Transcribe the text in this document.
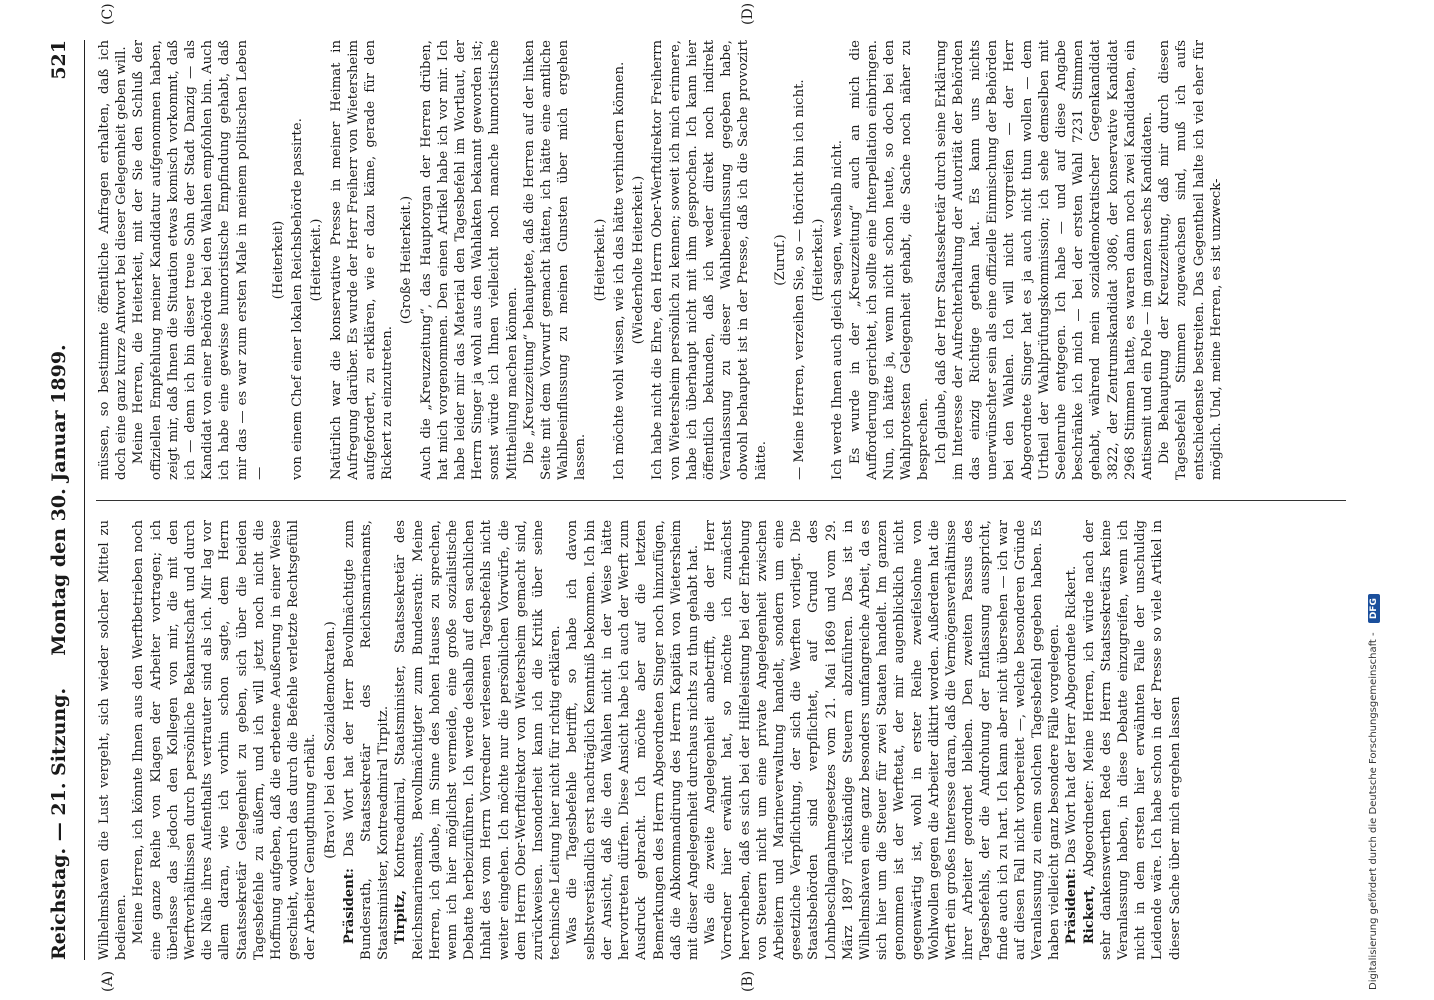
Reichstag. — 21. Sitzung.
Montag den 30. Januar 1899.
521
(A)	(B)
(C)	(D)

Wilhelmshaven die Lust vergeht, sich wieder solcher Mittel zu bedienen. Meine Herren, ich könnte Ihnen aus den Werftbetrieben noch eine ganze Reihe von Klagen der Arbeiter vortragen; ich überlasse das jedoch den Kollegen von mir, die mit den Werftverhältnissen durch persönliche Bekanntschaft und durch die Nähe ihres Aufenthalts vertrauter sind als ich. Mir lag vor allem daran, wie ich vorhin schon sagte, dem Herrn Staatssekretär Gelegenheit zu geben, sich über die beiden Tagesbefehle zu äußern, und ich will jetzt noch nicht die Hoffnung aufgeben, daß die erbetene Aeußerung in einer Weise geschieht, wodurch das durch die Befehle verletzte Rechtsgefühl der Arbeiter Genugthuung erhält. (Bravo! bei den Sozialdemokraten.)

Präsident: Das Wort hat der Herr Bevollmächtigte zum Bundesrath, Staatssekretär des Reichsmarineamts, Staatsminister, Kontreadmiral Tirpitz. Tirpitz, Kontreadmiral, Staatsminister, Staatssekretär des Reichsmarineamts, Bevollmächtigter zum Bundesrath: Meine Herren, ich glaube, im Sinne des hohen Hauses zu sprechen, wenn ich hier möglichst vermeide, eine große sozialistische Debatte herbeizuführen. Ich werde deshalb auf den sachlichen Inhalt des vom Herrn Vorredner verlesenen Tagesbefehls nicht weiter eingehen. Ich möchte nur die persönlichen Vorwürfe, die dem Herrn Ober-Werftdirektor von Wietersheim gemacht sind, zurückweisen. Insonderheit kann ich die Kritik über seine technische Leitung hier nicht für richtig erklären. Was die Tagesbefehle betrifft, so habe ich davon selbstverständlich erst nachträglich Kenntniß bekommen. Ich bin der Ansicht, daß die den Wahlen nicht in der Weise hätte hervortreten dürfen. Diese Ansicht habe ich auch der Werft zum Ausdruck gebracht. Ich möchte aber auf die letzten Bemerkungen des Herrn Abgeordneten Singer noch hinzufügen, daß die Abkommandirung des Herrn Kapitän von Wietersheim mit dieser Angelegenheit durchaus nichts zu thun gehabt hat. Was die zweite Angelegenheit anbetrifft, die der Herr Vorredner hier erwähnt hat, so möchte ich zunächst hervorheben, daß es sich bei der Hilfeleistung bei der Erhebung von Steuern nicht um eine private Angelegenheit zwischen Arbeitern und Marineverwaltung handelt, sondern um eine gesetzliche Verpflichtung, der sich die Werften vorliegt. Die Staatsbehörden sind verpflichtet, auf Grund des Lohnbeschlagnahmegesetzes vom 21. Mai 1869 und vom 29. März 1897 rückständige Steuern abzuführen. Das ist in Wilhelmshaven eine ganz besonders umfangreiche Arbeit, da es sich hier um die Steuer für zwei Staaten handelt. Im ganzen genommen ist der Werftetat, der mir augenblicklich nicht gegenwärtig ist, wohl in erster Reihe zweifelsohne von Wohlwollen gegen die Arbeiter diktirt worden. Außerdem hat die Werft ein großes Interesse daran, daß die Vermögensverhältnisse ihrer Arbeiter geordnet bleiben. Den zweiten Passus des Tagesbefehls, der die Androhung der Entlassung ausspricht, finde auch ich zu hart. Ich kann aber nicht übersehen — ich war auf diesen Fall nicht vorbereitet —, welche besonderen Gründe Veranlassung zu einem solchen Tagesbefehl gegeben haben. Es haben vielleicht ganz besondere Fälle vorgelegen. Präsident: Das Wort hat der Herr Abgeordnete Rickert.

Rickert, Abgeordneter: Meine Herren, ich würde nach der sehr dankenswerthen Rede des Herrn Staatssekretärs keine Veranlassung haben, in diese Debatte einzugreifen, wenn ich nicht in dem ersten hier erwähnten Falle der unschuldig Leidende wäre. Ich habe schon in der Presse so viele Artikel in dieser Sache über mich ergehen lassen

müssen, so bestimmte öffentliche Anfragen erhalten, daß ich doch eine ganz kurze Antwort bei dieser Gelegenheit geben will. Meine Herren, die Heiterkeit, mit der Sie den Schluß der offiziellen Empfehlung meiner Kandidatur aufgenommen haben, zeigt mir, daß Ihnen die Situation etwas komisch vorkommt, daß ich — denn ich bin dieser treue Sohn der Stadt Danzig — als Kandidat von einer Behörde bei den Wahlen empfohlen bin. Auch ich habe eine gewisse humoristische Empfindung gehabt, daß mir das — es war zum ersten Male in meinem politischen Leben —

(Heiterkeit) von einem Chef einer lokalen Reichsbehörde passirte. (Heiterkeit.) Natürlich war die konservative Presse in meiner Heimat in Aufregung darüber. Es wurde der Herr Freiherr von Wietersheim aufgefordert, zu erklären, wie er dazu käme, gerade für den Rickert zu einzutreten.

(Große Heiterkeit.) Auch die „Kreuzzeitung“, das Hauptorgan der Herren drüben, hat mich vorgenommen. Den einen Artikel habe ich vor mir. Ich habe leider mir das Material den Tagesbefehl im Wortlaut, der Herrn Singer ja wohl aus den Wahlakten bekannt geworden ist; sonst würde ich Ihnen vielleicht noch manche humoristische Mittheilung machen können. Die „Kreuzzeitung“ behauptete, daß die Herren auf der linken Seite mit dem Vorwurf gemacht hätten, ich hätte eine amtliche Wahlbeeinflussung zu meinen Gunsten über mich ergehen lassen.

(Heiterkeit.) Ich möchte wohl wissen, wie ich das hätte verhindern können. (Wiederholte Heiterkeit.) Ich habe nicht die Ehre, den Herrn Ober-Werftdirektor Freiherrn von Wietersheim persönlich zu kennen; soweit ich mich erinnere, habe ich überhaupt nicht mit ihm gesprochen. Ich kann hier öffentlich bekunden, daß ich weder direkt noch indirekt Veranlassung zu dieser Wahlbeeinflussung gegeben habe, obwohl behauptet ist in der Presse, daß ich die Sache provozirt hätte.

(Zuruf.) — Meine Herren, verzeihen Sie, so — thöricht bin ich nicht. (Heiterkeit.) Ich werde Ihnen auch gleich sagen, weshalb nicht. Es wurde in der „Kreuzzeitung“ auch an mich die Aufforderung gerichtet, ich sollte eine Interpellation einbringen. Nun, ich hätte ja, wenn nicht schon heute, so doch bei den Wahlprotesten Gelegenheit gehabt, die Sache noch näher zu besprechen. Ich glaube, daß der Herr Staatssekretär durch seine Erklärung im Interesse der Aufrechterhaltung der Autorität der Behörden das einzig Richtige gethan hat. Es kann uns nichts unerwünschter sein als eine offizielle Einmischung der Behörden bei den Wahlen. Ich will nicht vorgreifen — der Herr Abgeordnete Singer hat es ja auch nicht thun wollen — dem Urtheil der Wahlprüfungskommission; ich sehe demselben mit Seelenruhe entgegen. Ich habe — und auf diese Angabe beschränke ich mich — bei der ersten Wahl 7231 Stimmen gehabt, während mein sozialdemokratischer Gegenkandidat 3822, der Zentrumskandidat 3086, der konservative Kandidat 2968 Stimmen hatte, es waren dann noch zwei Kandidaten, ein Antisemit und ein Pole — im ganzen sechs Kandidaten. Die Behauptung der Kreuzzeitung, daß mir durch diesen Tagesbefehl Stimmen zugewachsen sind, muß ich aufs entschiedenste bestreiten. Das Gegentheil halte ich viel eher für möglich. Und, meine Herren, es ist unzweck-

Digitalisierung gefördert durch die Deutsche Forschungsgemeinschaft - DFG
